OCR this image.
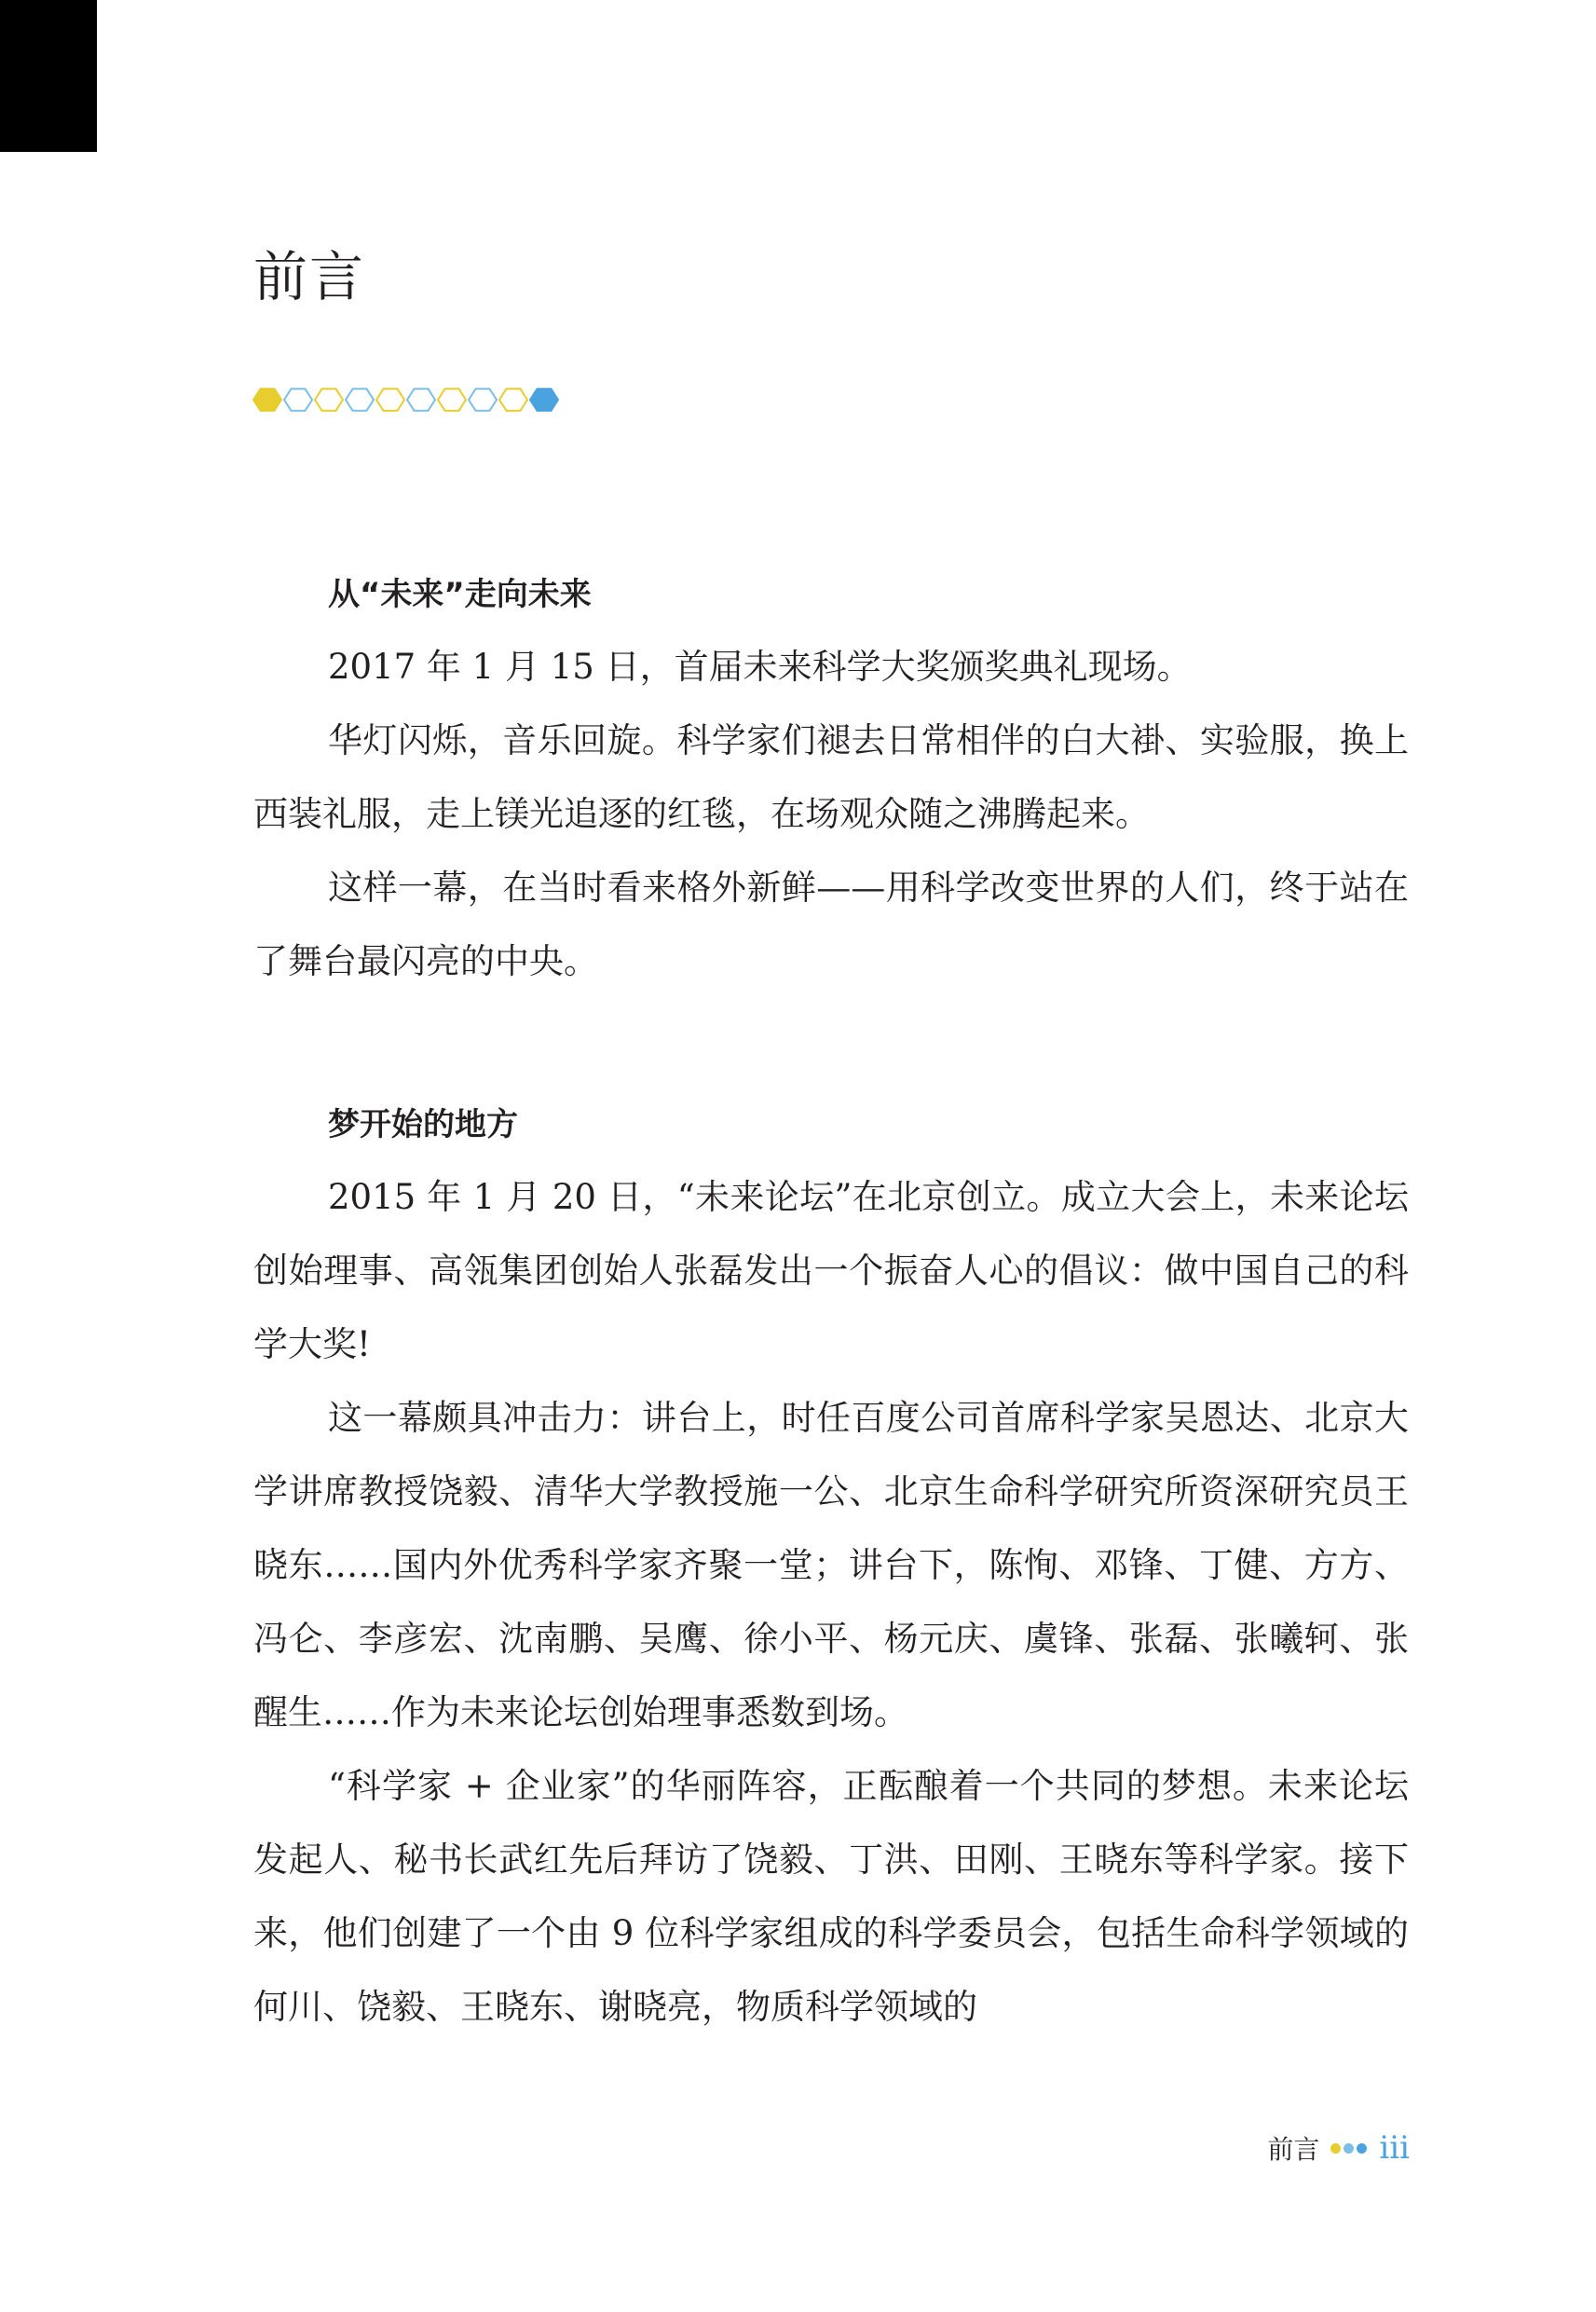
前言
从“未来”走向未来

2017 年 1 月 15 日，首届未来科学大奖颁奖典礼现场。

华灯闪烁，音乐回旋。科学家们褪去日常相伴的白大褂、实验服，换上西装礼服，走上镁光追逐的红毯，在场观众随之沸腾起来。

这样一幕，在当时看来格外新鲜——用科学改变世界的人们，终于站在了舞台最闪亮的中央。

梦开始的地方

2015 年 1 月 20 日，“未来论坛”在北京创立。成立大会上，未来论坛创始理事、高瓴集团创始人张磊发出一个振奋人心的倡议：做中国自己的科学大奖!

这一幕颇具冲击力：讲台上，时任百度公司首席科学家吴恩达、北京大学讲席教授饶毅、清华大学教授施一公、北京生命科学研究所资深研究员王晓东……国内外优秀科学家齐聚一堂；讲台下，陈恂、邓锋、丁健、方方、冯仑、李彦宏、沈南鹏、吴鹰、徐小平、杨元庆、虞锋、张磊、张曦轲、张醒生……作为未来论坛创始理事悉数到场。

“科学家 + 企业家”的华丽阵容，正酝酿着一个共同的梦想。未来论坛发起人、秘书长武红先后拜访了饶毅、丁洪、田刚、王晓东等科学家。接下来，他们创建了一个由 9 位科学家组成的科学委员会，包括生命科学领域的何川、饶毅、王晓东、谢晓亮，物质科学领域的

前言 iii
